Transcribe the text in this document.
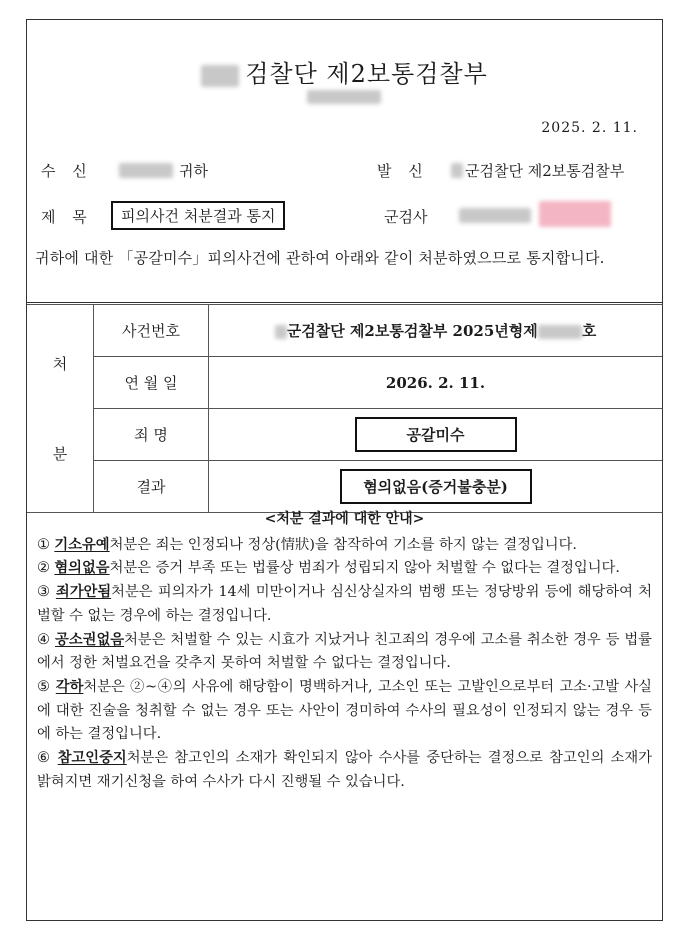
검찰단 제2보통검찰부
2025. 2. 11.
수 신	귀하	발 신 군검찰단 제2보통검찰부
제 목	피의사건 처분결과 통지	군검사
귀하에 대한 「공갈미수」피의사건에 관하여 아래와 같이 처분하였으므로 통지합니다.
처
분	사건번호	군검찰단 제2보통검찰부 2025년형제 호
	연 월 일	2026. 2. 11.
	죄 명	공갈미수
	결과	혐의없음(증거불충분)

<처분 결과에 대한 안내>

① 기소유예처분은 죄는 인정되나 정상(情狀)을 참작하여 기소를 하지 않는 결정입니다.

② 혐의없음처분은 증거 부족 또는 법률상 범죄가 성립되지 않아 처벌할 수 없다는 결정입니다.

③ 죄가안됨처분은 피의자가 14세 미만이거나 심신상실자의 범행 또는 정당방위 등에 해당하여 처벌할 수 없는 경우에 하는 결정입니다.

④ 공소권없음처분은 처벌할 수 있는 시효가 지났거나 친고죄의 경우에 고소를 취소한 경우 등 법률에서 정한 처벌요건을 갖추지 못하여 처벌할 수 없다는 결정입니다.

⑤ 각하처분은 ②~④의 사유에 해당함이 명백하거나, 고소인 또는 고발인으로부터 고소·고발 사실에 대한 진술을 청취할 수 없는 경우 또는 사안이 경미하여 수사의 필요성이 인정되지 않는 경우 등에 하는 결정입니다.

⑥ 참고인중지처분은 참고인의 소재가 확인되지 않아 수사를 중단하는 결정으로 참고인의 소재가 밝혀지면 재기신청을 하여 수사가 다시 진행될 수 있습니다.
